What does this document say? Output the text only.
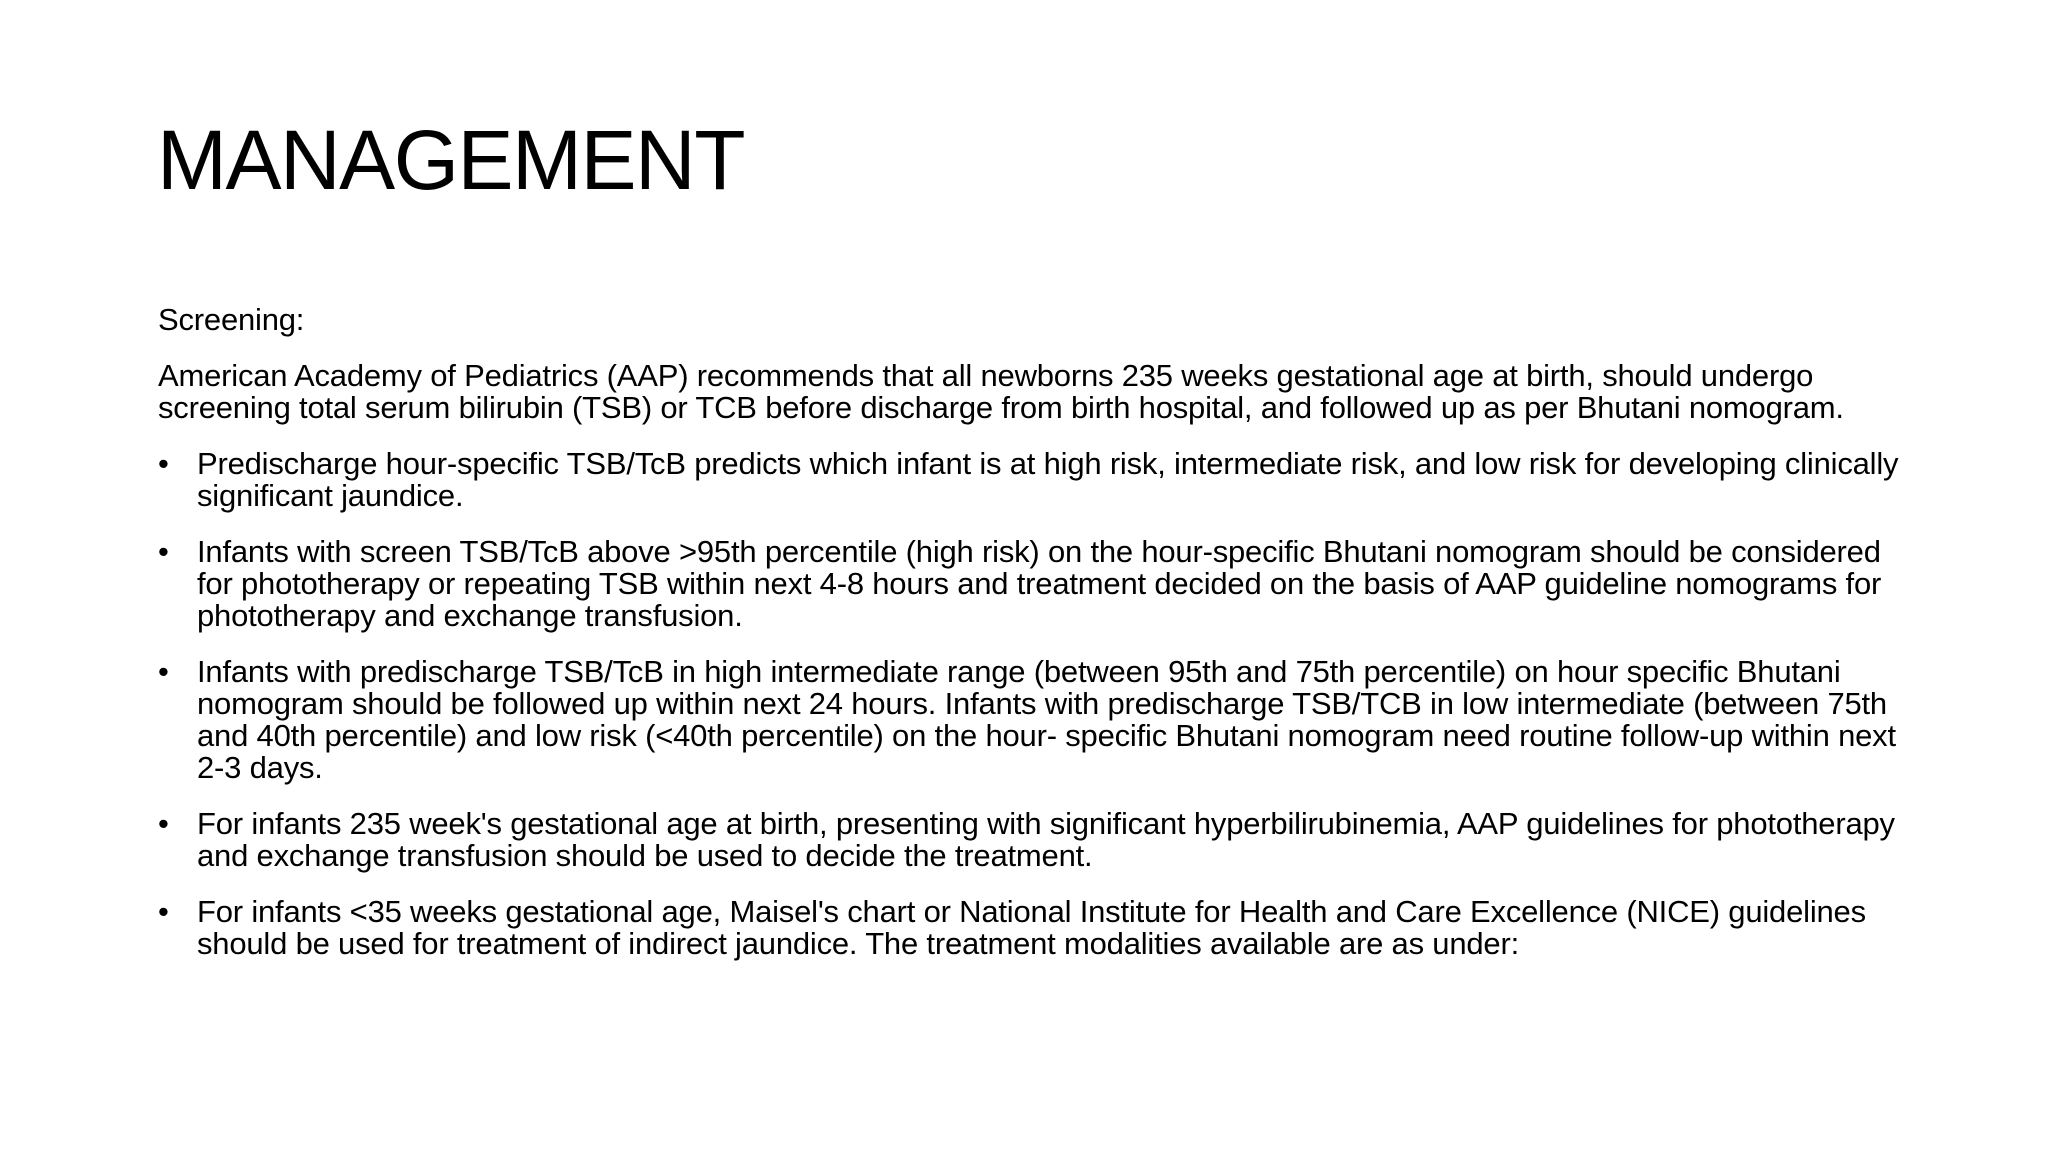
MANAGEMENT

Screening:

American Academy of Pediatrics (AAP) recommends that all newborns 235 weeks gestational age at birth, should undergo screening total serum bilirubin (TSB) or TCB before discharge from birth hospital, and followed up as per Bhutani nomogram.

• Predischarge hour-specific TSB/TcB predicts which infant is at high risk, intermediate risk, and low risk for developing clinically significant jaundice.
• Infants with screen TSB/TcB above >95th percentile (high risk) on the hour-specific Bhutani nomogram should be considered for phototherapy or repeating TSB within next 4-8 hours and treatment decided on the basis of AAP guideline nomograms for phototherapy and exchange transfusion.
• Infants with predischarge TSB/TcB in high intermediate range (between 95th and 75th percentile) on hour specific Bhutani nomogram should be followed up within next 24 hours. Infants with predischarge TSB/TCB in low intermediate (between 75th and 40th percentile) and low risk (<40th percentile) on the hour- specific Bhutani nomogram need routine follow-up within next 2-3 days.
• For infants 235 week's gestational age at birth, presenting with significant hyperbilirubinemia, AAP guidelines for phototherapy and exchange transfusion should be used to decide the treatment.
• For infants <35 weeks gestational age, Maisel's chart or National Institute for Health and Care Excellence (NICE) guidelines should be used for treatment of indirect jaundice. The treatment modalities available are as under:
